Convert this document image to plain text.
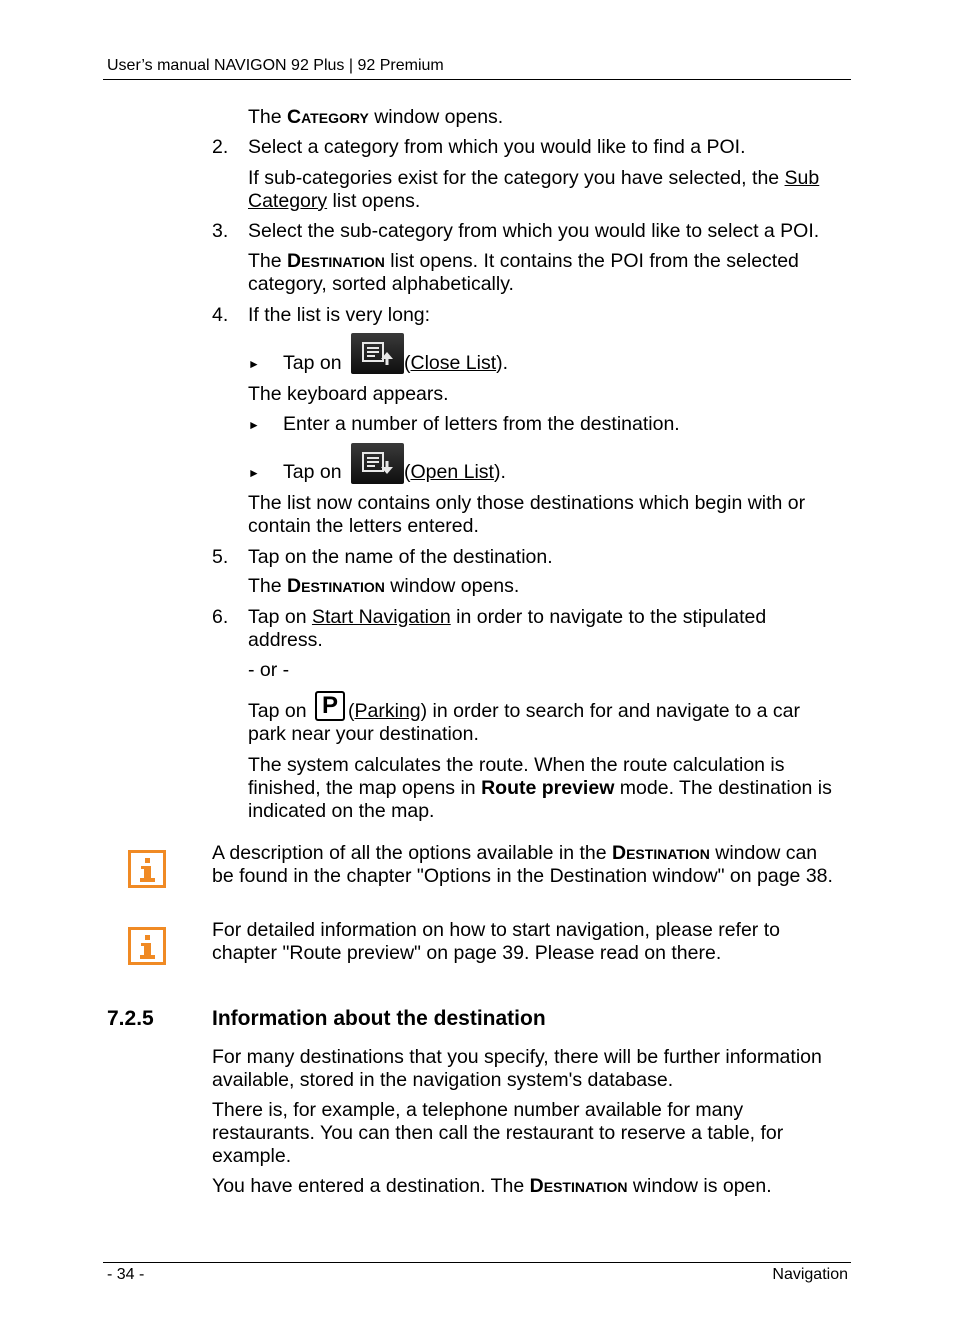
User’s manual NAVIGON 92 Plus | 92 Premium
The Category window opens.
2. Select a category from which you would like to find a POI.
If sub-categories exist for the category you have selected, the Sub
Category list opens.
3. Select the sub-category from which you would like to select a POI.
The Destination list opens. It contains the POI from the selected
category, sorted alphabetically.
4. If the list is very long:
► Tap on	(Close List).
The keyboard appears.
► Enter a number of letters from the destination.
► Tap on	(Open List).
The list now contains only those destinations which begin with or
contain the letters entered.
5. Tap on the name of the destination.
The Destination window opens.
6. Tap on Start Navigation in order to navigate to the stipulated
address.
- or -
Tap on P (Parking) in order to search for and navigate to a car
park near your destination.
The system calculates the route. When the route calculation is
finished, the map opens in Route preview mode. The destination is
indicated on the map.
A description of all the options available in the Destination window can
be found in the chapter "Options in the Destination window" on page 38.
For detailed information on how to start navigation, please refer to
chapter "Route preview" on page 39. Please read on there.
7.2.5	Information about the destination
For many destinations that you specify, there will be further information
available, stored in the navigation system's database.
There is, for example, a telephone number available for many
restaurants. You can then call the restaurant to reserve a table, for
example.
You have entered a destination. The Destination window is open.
- 34 -	Navigation
